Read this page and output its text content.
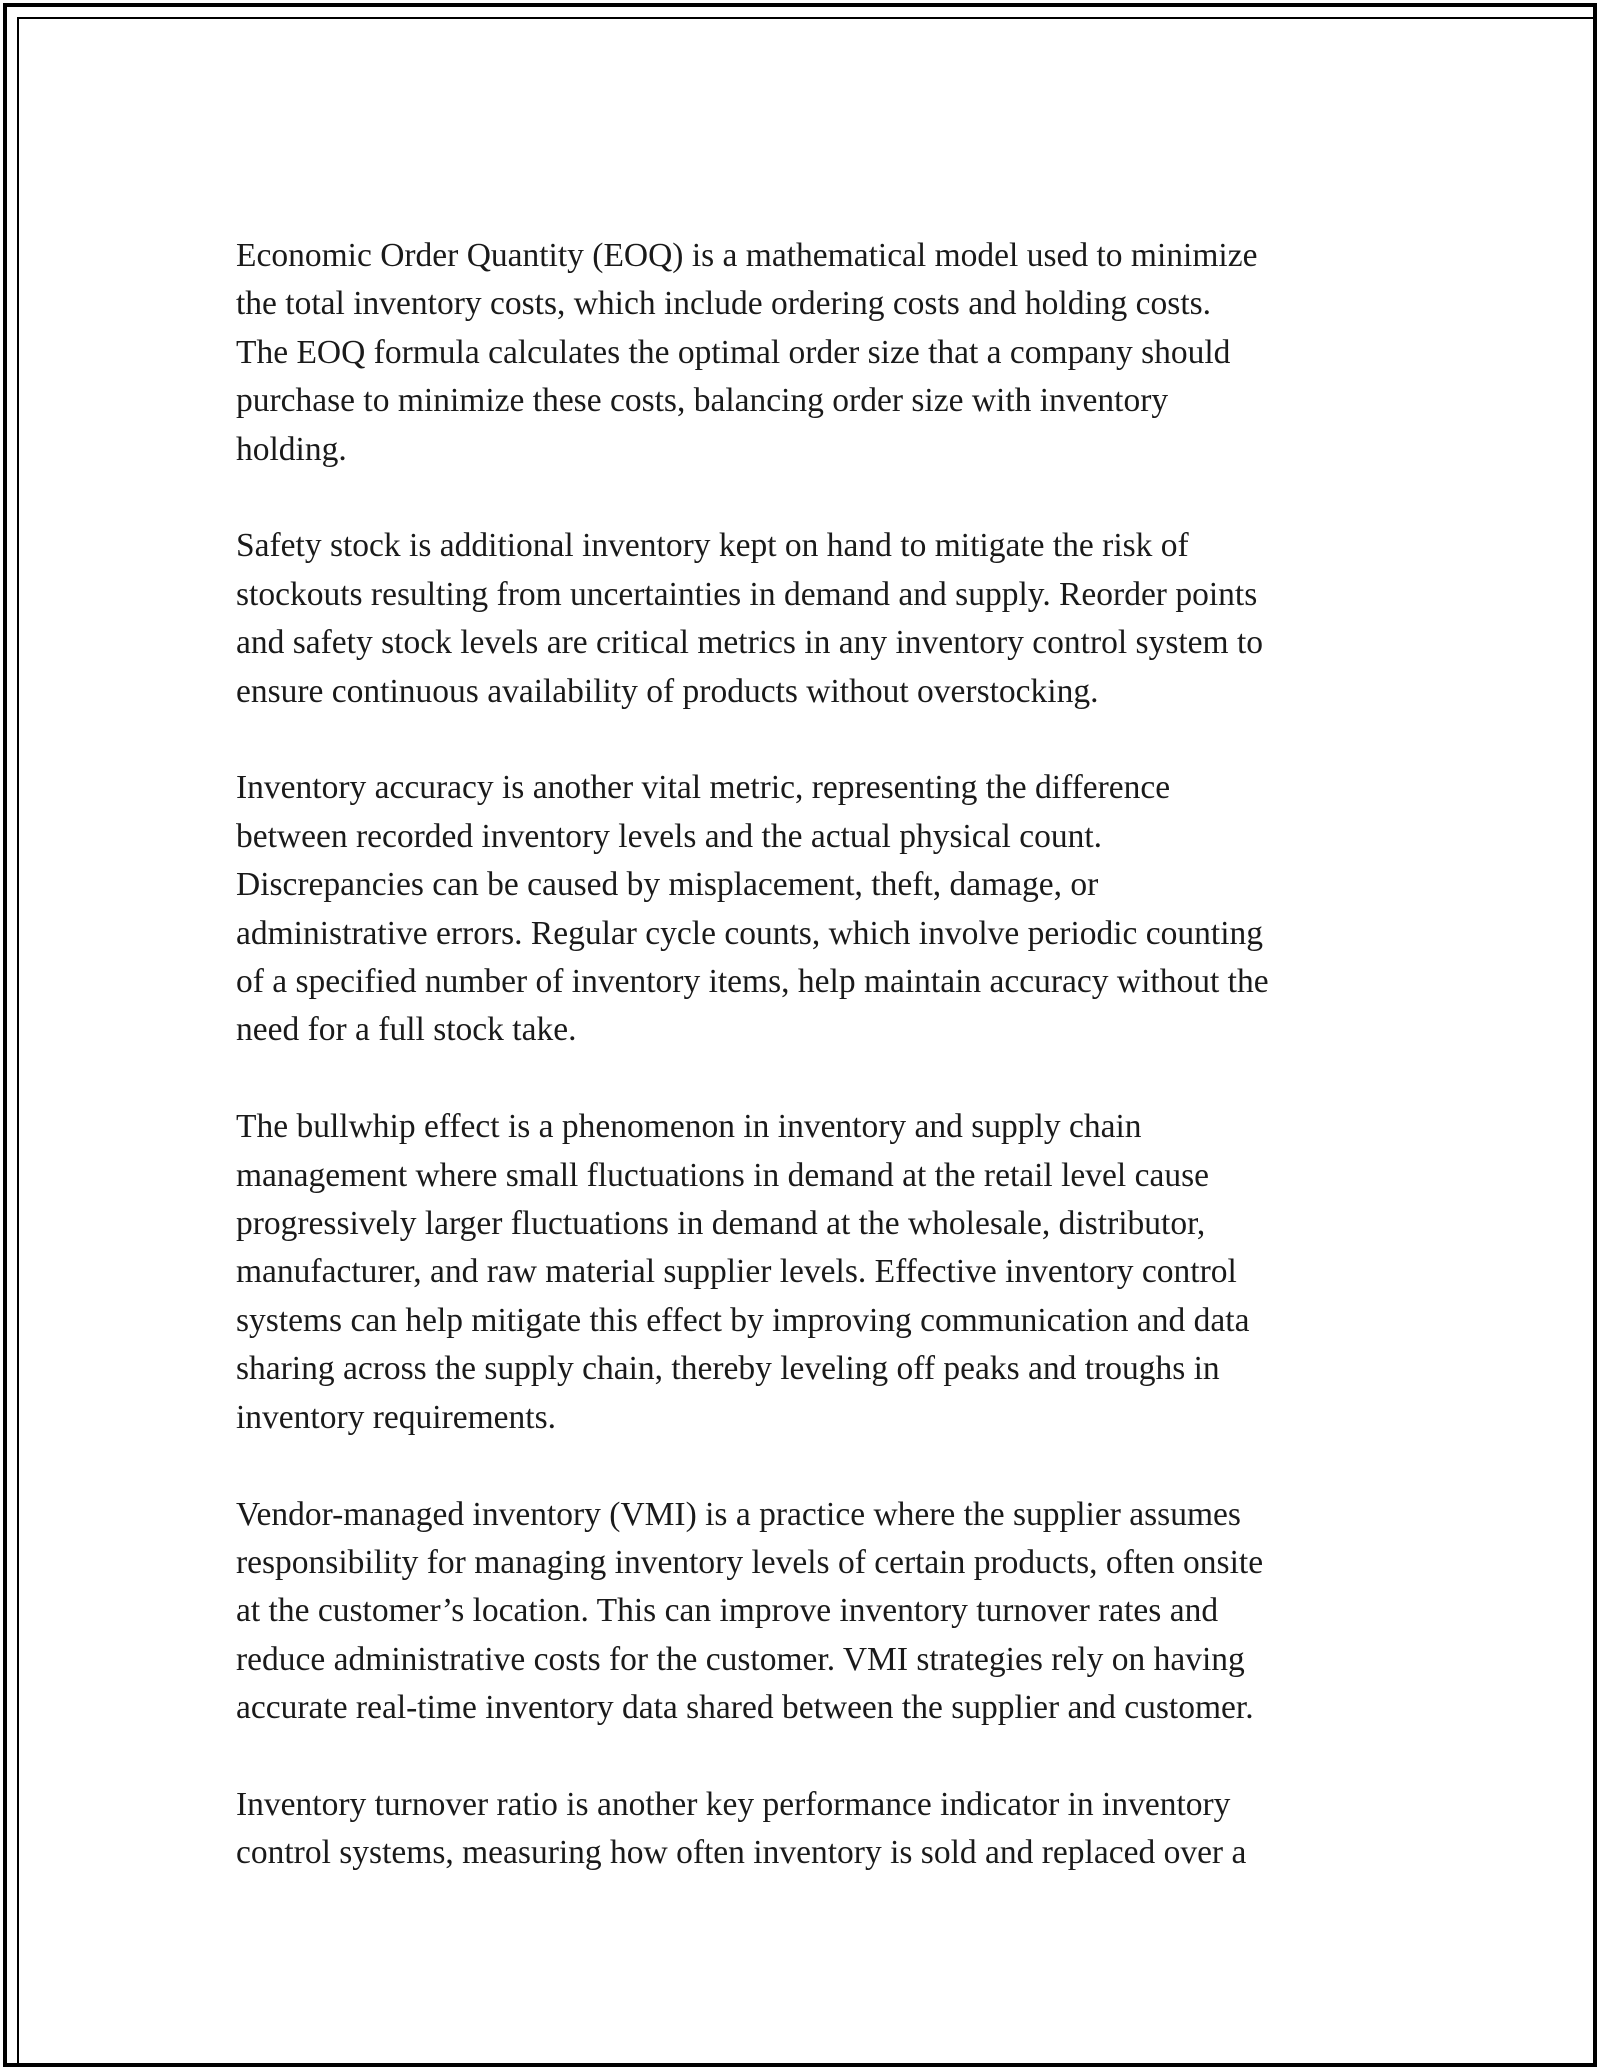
Economic Order Quantity (EOQ) is a mathematical model used to minimize
the total inventory costs, which include ordering costs and holding costs.
The EOQ formula calculates the optimal order size that a company should
purchase to minimize these costs, balancing order size with inventory
holding.

Safety stock is additional inventory kept on hand to mitigate the risk of
stockouts resulting from uncertainties in demand and supply. Reorder points
and safety stock levels are critical metrics in any inventory control system to
ensure continuous availability of products without overstocking.

Inventory accuracy is another vital metric, representing the difference
between recorded inventory levels and the actual physical count.
Discrepancies can be caused by misplacement, theft, damage, or
administrative errors. Regular cycle counts, which involve periodic counting
of a specified number of inventory items, help maintain accuracy without the
need for a full stock take.

The bullwhip effect is a phenomenon in inventory and supply chain
management where small fluctuations in demand at the retail level cause
progressively larger fluctuations in demand at the wholesale, distributor,
manufacturer, and raw material supplier levels. Effective inventory control
systems can help mitigate this effect by improving communication and data
sharing across the supply chain, thereby leveling off peaks and troughs in
inventory requirements.

Vendor-managed inventory (VMI) is a practice where the supplier assumes
responsibility for managing inventory levels of certain products, often onsite
at the customer’s location. This can improve inventory turnover rates and
reduce administrative costs for the customer. VMI strategies rely on having
accurate real-time inventory data shared between the supplier and customer.

Inventory turnover ratio is another key performance indicator in inventory
control systems, measuring how often inventory is sold and replaced over a
